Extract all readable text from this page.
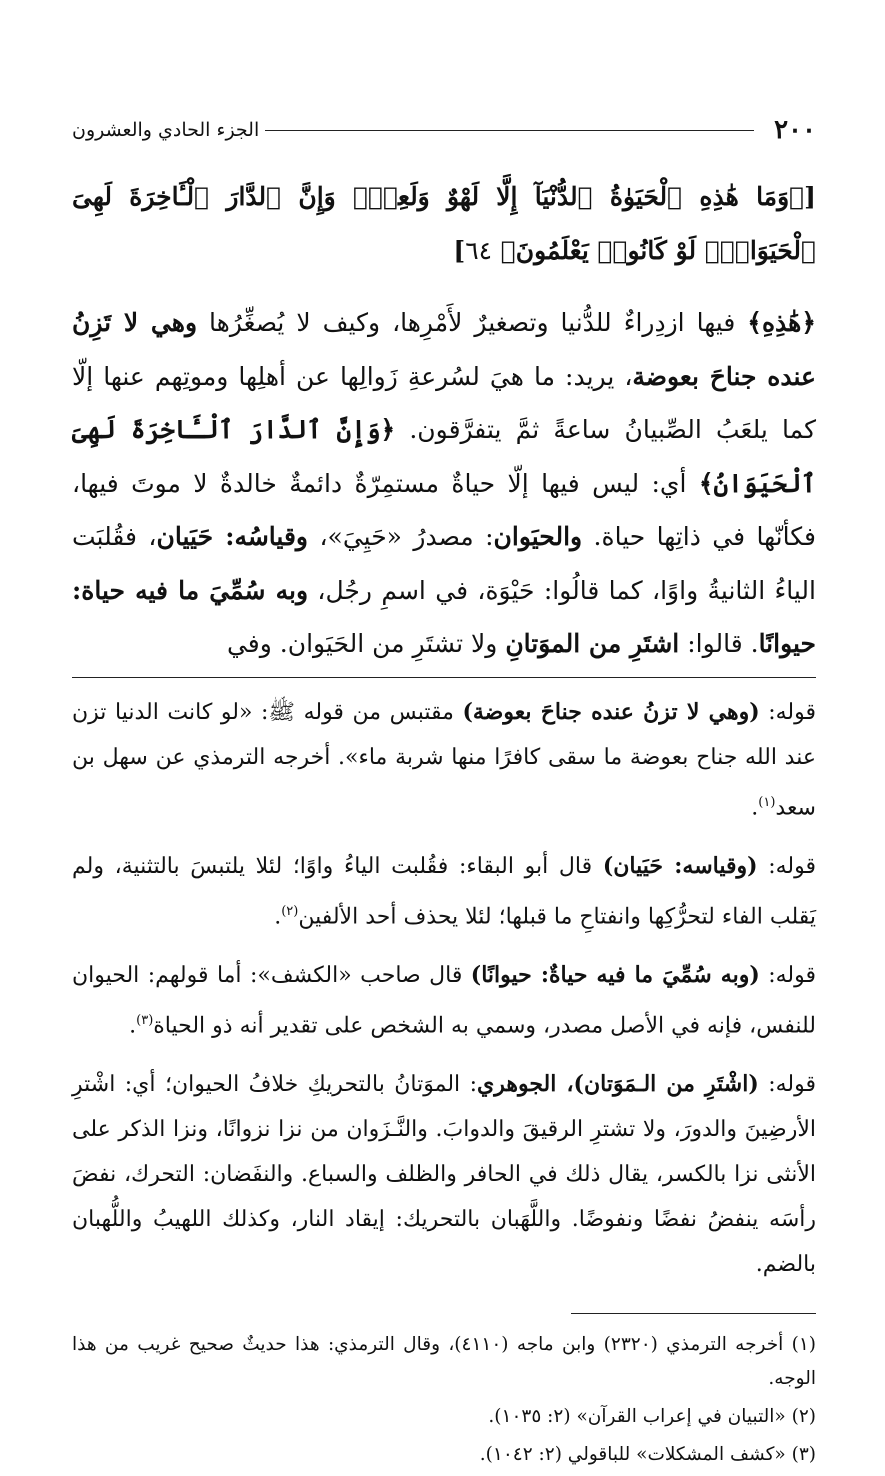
٢٠٠
الجزء الحادي والعشرون
[﴿وَمَا هَٰذِهِ ٱلْحَيَوٰةُ ٱلدُّنْيَآ إِلَّا لَهْوٌ وَلَعِبٌۚ وَإِنَّ ٱلدَّارَ ٱلْـَٔاخِرَةَ لَهِىَ ٱلْحَيَوَانُۚ لَوْ كَانُوا۟ يَعْلَمُونَ﴾ ٦٤]
﴿هَٰذِهِ﴾ فيها ازدِراءٌ للدُّنيا وتصغيرٌ لأَمْرِها، وكيف لا يُصغِّرُها وهي لا تَزِنُ عنده جناحَ بعوضة، يريد: ما هيَ لسُرعةِ زَوالِها عن أهلِها وموتِهم عنها إلّا كما يلعَبُ الصِّبيانُ ساعةً ثمَّ يتفرَّقون. ﴿وَإِنَّ ٱلدَّارَ ٱلْـَٔاخِرَةَ لَهِىَ ٱلْحَيَوَانُ﴾ أي: ليس فيها إلّا حياةٌ مستمِرّةٌ دائمةٌ خالدةٌ لا موتَ فيها، فكأنّها في ذاتِها حياة. والحيَوان: مصدرُ «حَيِيَ»، وقياسُه: حَيَيان، فقُلبَت الياءُ الثانيةُ واوًا، كما قالُوا: حَيْوَة، في اسمِ رجُل، وبه سُمِّيَ ما فيه حياة: حيوانًا. قالوا: اشتَرِ من الموَتانِ ولا تشتَرِ من الحَيَوان. وفي

قوله: (وهي لا تزنُ عنده جناحَ بعوضة) مقتبس من قوله ﷺ: «لو كانت الدنيا تزن عند الله جناح بعوضة ما سقى كافرًا منها شربة ماء». أخرجه الترمذي عن سهل بن سعد$^{(١)}$.

قوله: (وقياسه: حَيَيان) قال أبو البقاء: فقُلبت الياءُ واوًا؛ لئلا يلتبسَ بالتثنية، ولم يَقلب الفاء لتحرُّكِها وانفتاحِ ما قبلها؛ لئلا يحذف أحد الألفين$^{(٢)}$.

قوله: (وبه سُمِّيَ ما فيه حياةٌ: حيوانًا) قال صاحب «الكشف»: أما قولهم: الحيوان للنفس، فإنه في الأصل مصدر، وسمي به الشخص على تقدير أنه ذو الحياة$^{(٣)}$.

قوله: (اشْتَرِ من الـمَوَتان)، الجوهري: الموَتانُ بالتحريكِ خلافُ الحيوان؛ أي: اشْترِ الأرضِينَ والدورَ، ولا تشترِ الرقيقَ والدوابَ. والنَّـزَوان من نزا نزوانًا، ونزا الذكر على الأنثى نزا بالكسر، يقال ذلك في الحافر والظلف والسباع. والنفَضان: التحرك، نفضَ رأسَه ينفضُ نفضًا ونفوضًا. واللَّهَبان بالتحريك: إيقاد النار، وكذلك اللهيبُ واللُّهبان بالضم.

(١) أخرجه الترمذي (٢٣٢٠) وابن ماجه (٤١١٠)، وقال الترمذي: هذا حديثٌ صحيح غريب من هذا الوجه.

(٢) «التبيان في إعراب القرآن» (٢: ١٠٣٥).

(٣) «كشف المشكلات» للباقولي (٢: ١٠٤٢).
